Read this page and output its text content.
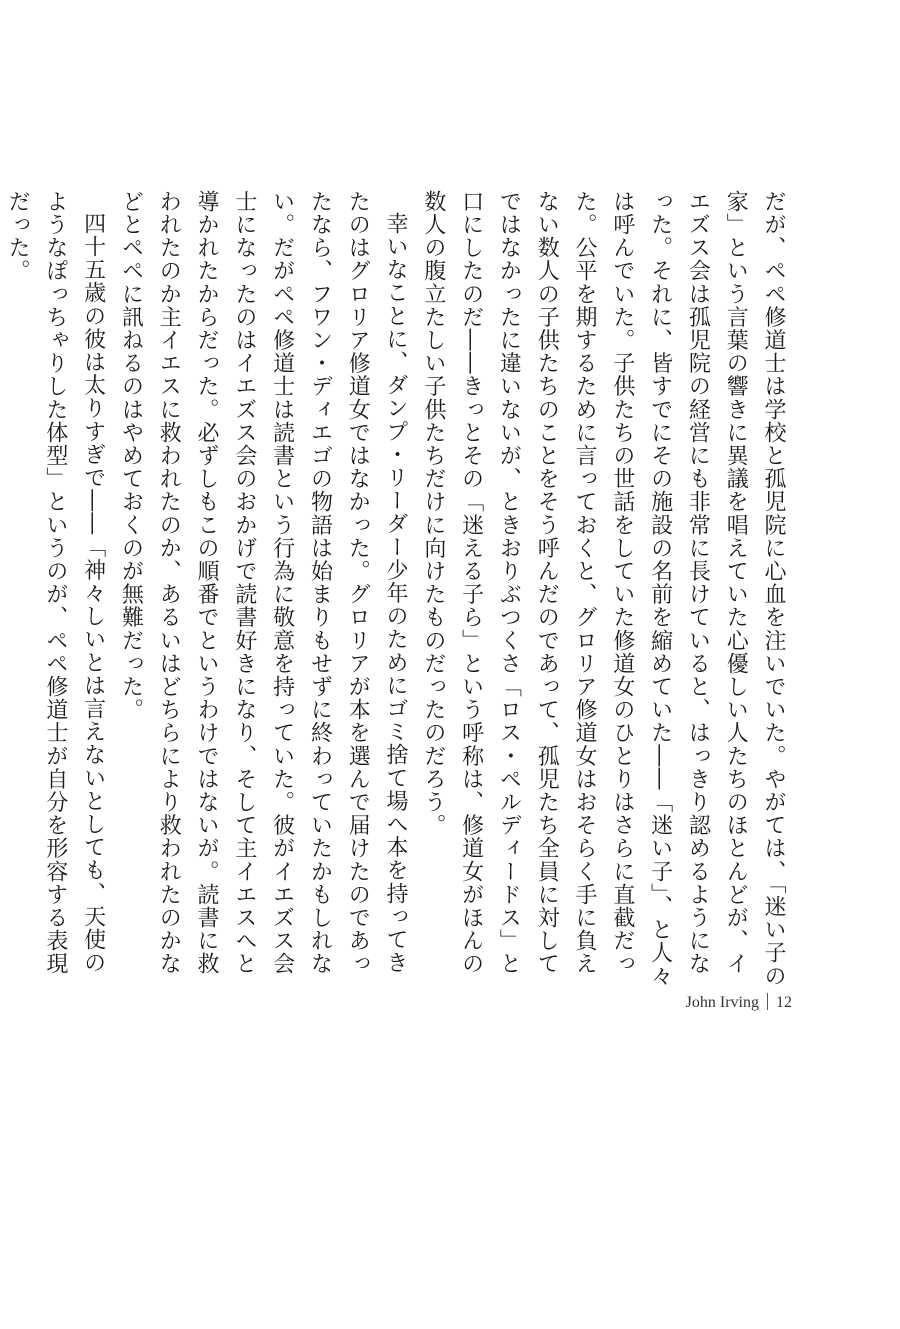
だが、ペペ修道士は学校と孤児院に心血を注いでいた。やがては、「迷い子の家」という言葉の響きに異議を唱えていた心優しい人たちのほとんどが、イエズス会は孤児院の経営にも非常に長けていると、はっきり認めるようになった。それに、皆すでにその施設の名前を縮めていた――「迷い子」、と人々は呼んでいた。子供たちの世話をしていた修道女のひとりはさらに直截だった。公平を期するために言っておくと、グロリア修道女はおそらく手に負えない数人の子供たちのことをそう呼んだのであって、孤児たち全員に対してではなかったに違いないが、ときおりぶつくさ「ロス・ペルディードス」と口にしたのだ――きっとその「迷える子ら」という呼称は、修道女がほんの数人の腹立たしい子供たちだけに向けたものだったのだろう。

幸いなことに、ダンプ・リーダー少年のためにゴミ捨て場へ本を持ってきたのはグロリア修道女ではなかった。グロリアが本を選んで届けたのであったなら、フワン・ディエゴの物語は始まりもせずに終わっていたかもしれない。だがペペ修道士は読書という行為に敬意を持っていた。彼がイエズス会士になったのはイエズス会のおかげで読書好きになり、そして主イエスへと導かれたからだった。必ずしもこの順番でというわけではないが。読書に救われたのか主イエスに救われたのか、あるいはどちらにより救われたのかなどとペペに訊ねるのはやめておくのが無難だった。

四十五歳の彼は太りすぎで――「神々しいとは言えないとしても、天使のようなぽっちゃりした体型」というのが、ペペ修道士が自分を形容する表現だった。

John Irving 12
